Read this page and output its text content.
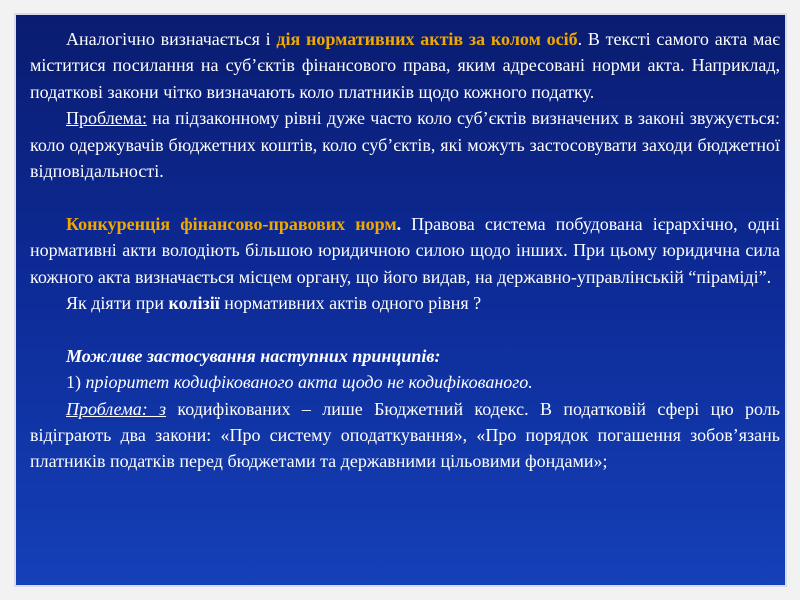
Аналогічно визначається і дія нормативних актів за колом осіб. В тексті самого акта має міститися посилання на суб’єктів фінансового права, яким адресовані норми акта. Наприклад, податкові закони чітко визначають коло платників щодо кожного податку.

Проблема: на підзаконному рівні дуже часто коло суб’єктів визначених в законі звужується: коло одержувачів бюджетних коштів, коло суб’єктів, які можуть застосовувати заходи бюджетної відповідальності.

Конкуренція фінансово-правових норм. Правова система побудована ієрархічно, одні нормативні акти володіють більшою юридичною силою щодо інших. При цьому юридична сила кожного акта визначається місцем органу, що його видав, на державно-управлінській “піраміді”.

Як діяти при колізії нормативних актів одного рівня ?

Можливе застосування наступних принципів:

1) пріоритет кодифікованого акта щодо не кодифікованого.

Проблема: з кодифікованих – лише Бюджетний кодекс. В податковій сфері цю роль відіграють два закони: «Про систему оподаткування», «Про порядок погашення зобов’язань платників податків перед бюджетами та державними цільовими фондами»;
